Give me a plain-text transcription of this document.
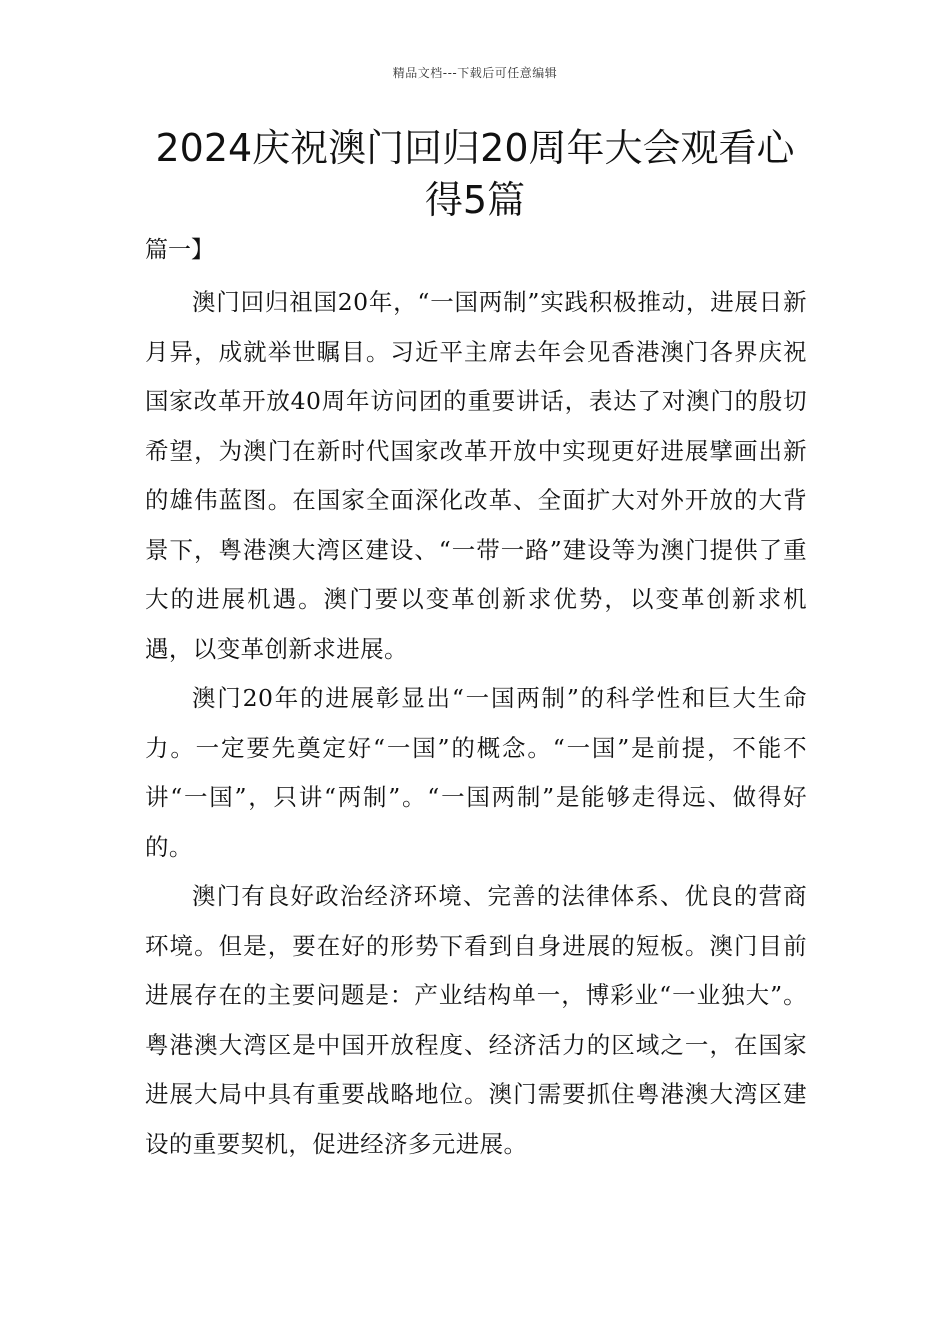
精品文档---下载后可任意编辑
2024庆祝澳门回归20周年大会观看心
得5篇
篇一】

澳门回归祖国20年，“一国两制”实践积极推动，进展日新月异，成就举世瞩目。习近平主席去年会见香港澳门各界庆祝国家改革开放40周年访问团的重要讲话，表达了对澳门的殷切希望，为澳门在新时代国家改革开放中实现更好进展擘画出新的雄伟蓝图。在国家全面深化改革、全面扩大对外开放的大背景下，粤港澳大湾区建设、“一带一路”建设等为澳门提供了重大的进展机遇。澳门要以变革创新求优势，以变革创新求机遇，以变革创新求进展。

澳门20年的进展彰显出“一国两制”的科学性和巨大生命力。一定要先奠定好“一国”的概念。“一国”是前提，不能不讲“一国”，只讲“两制”。“一国两制”是能够走得远、做得好的。

澳门有良好政治经济环境、完善的法律体系、优良的营商环境。但是，要在好的形势下看到自身进展的短板。澳门目前进展存在的主要问题是：产业结构单一，博彩业“一业独大”。粤港澳大湾区是中国开放程度、经济活力的区域之一，在国家进展大局中具有重要战略地位。澳门需要抓住粤港澳大湾区建设的重要契机，促进经济多元进展。
